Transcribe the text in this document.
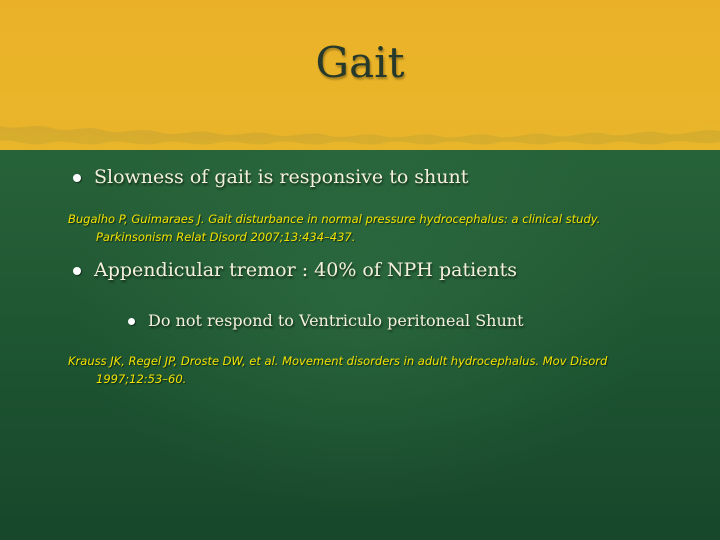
Gait
Slowness of gait is responsive to shunt
Bugalho P, Guimaraes J. Gait disturbance in normal pressure hydrocephalus: a clinical study.
Parkinsonism Relat Disord 2007;13:434–437.
Appendicular tremor : 40% of NPH patients
Do not respond to Ventriculo peritoneal Shunt
Krauss JK, Regel JP, Droste DW, et al. Movement disorders in adult hydrocephalus. Mov Disord
1997;12:53–60.
